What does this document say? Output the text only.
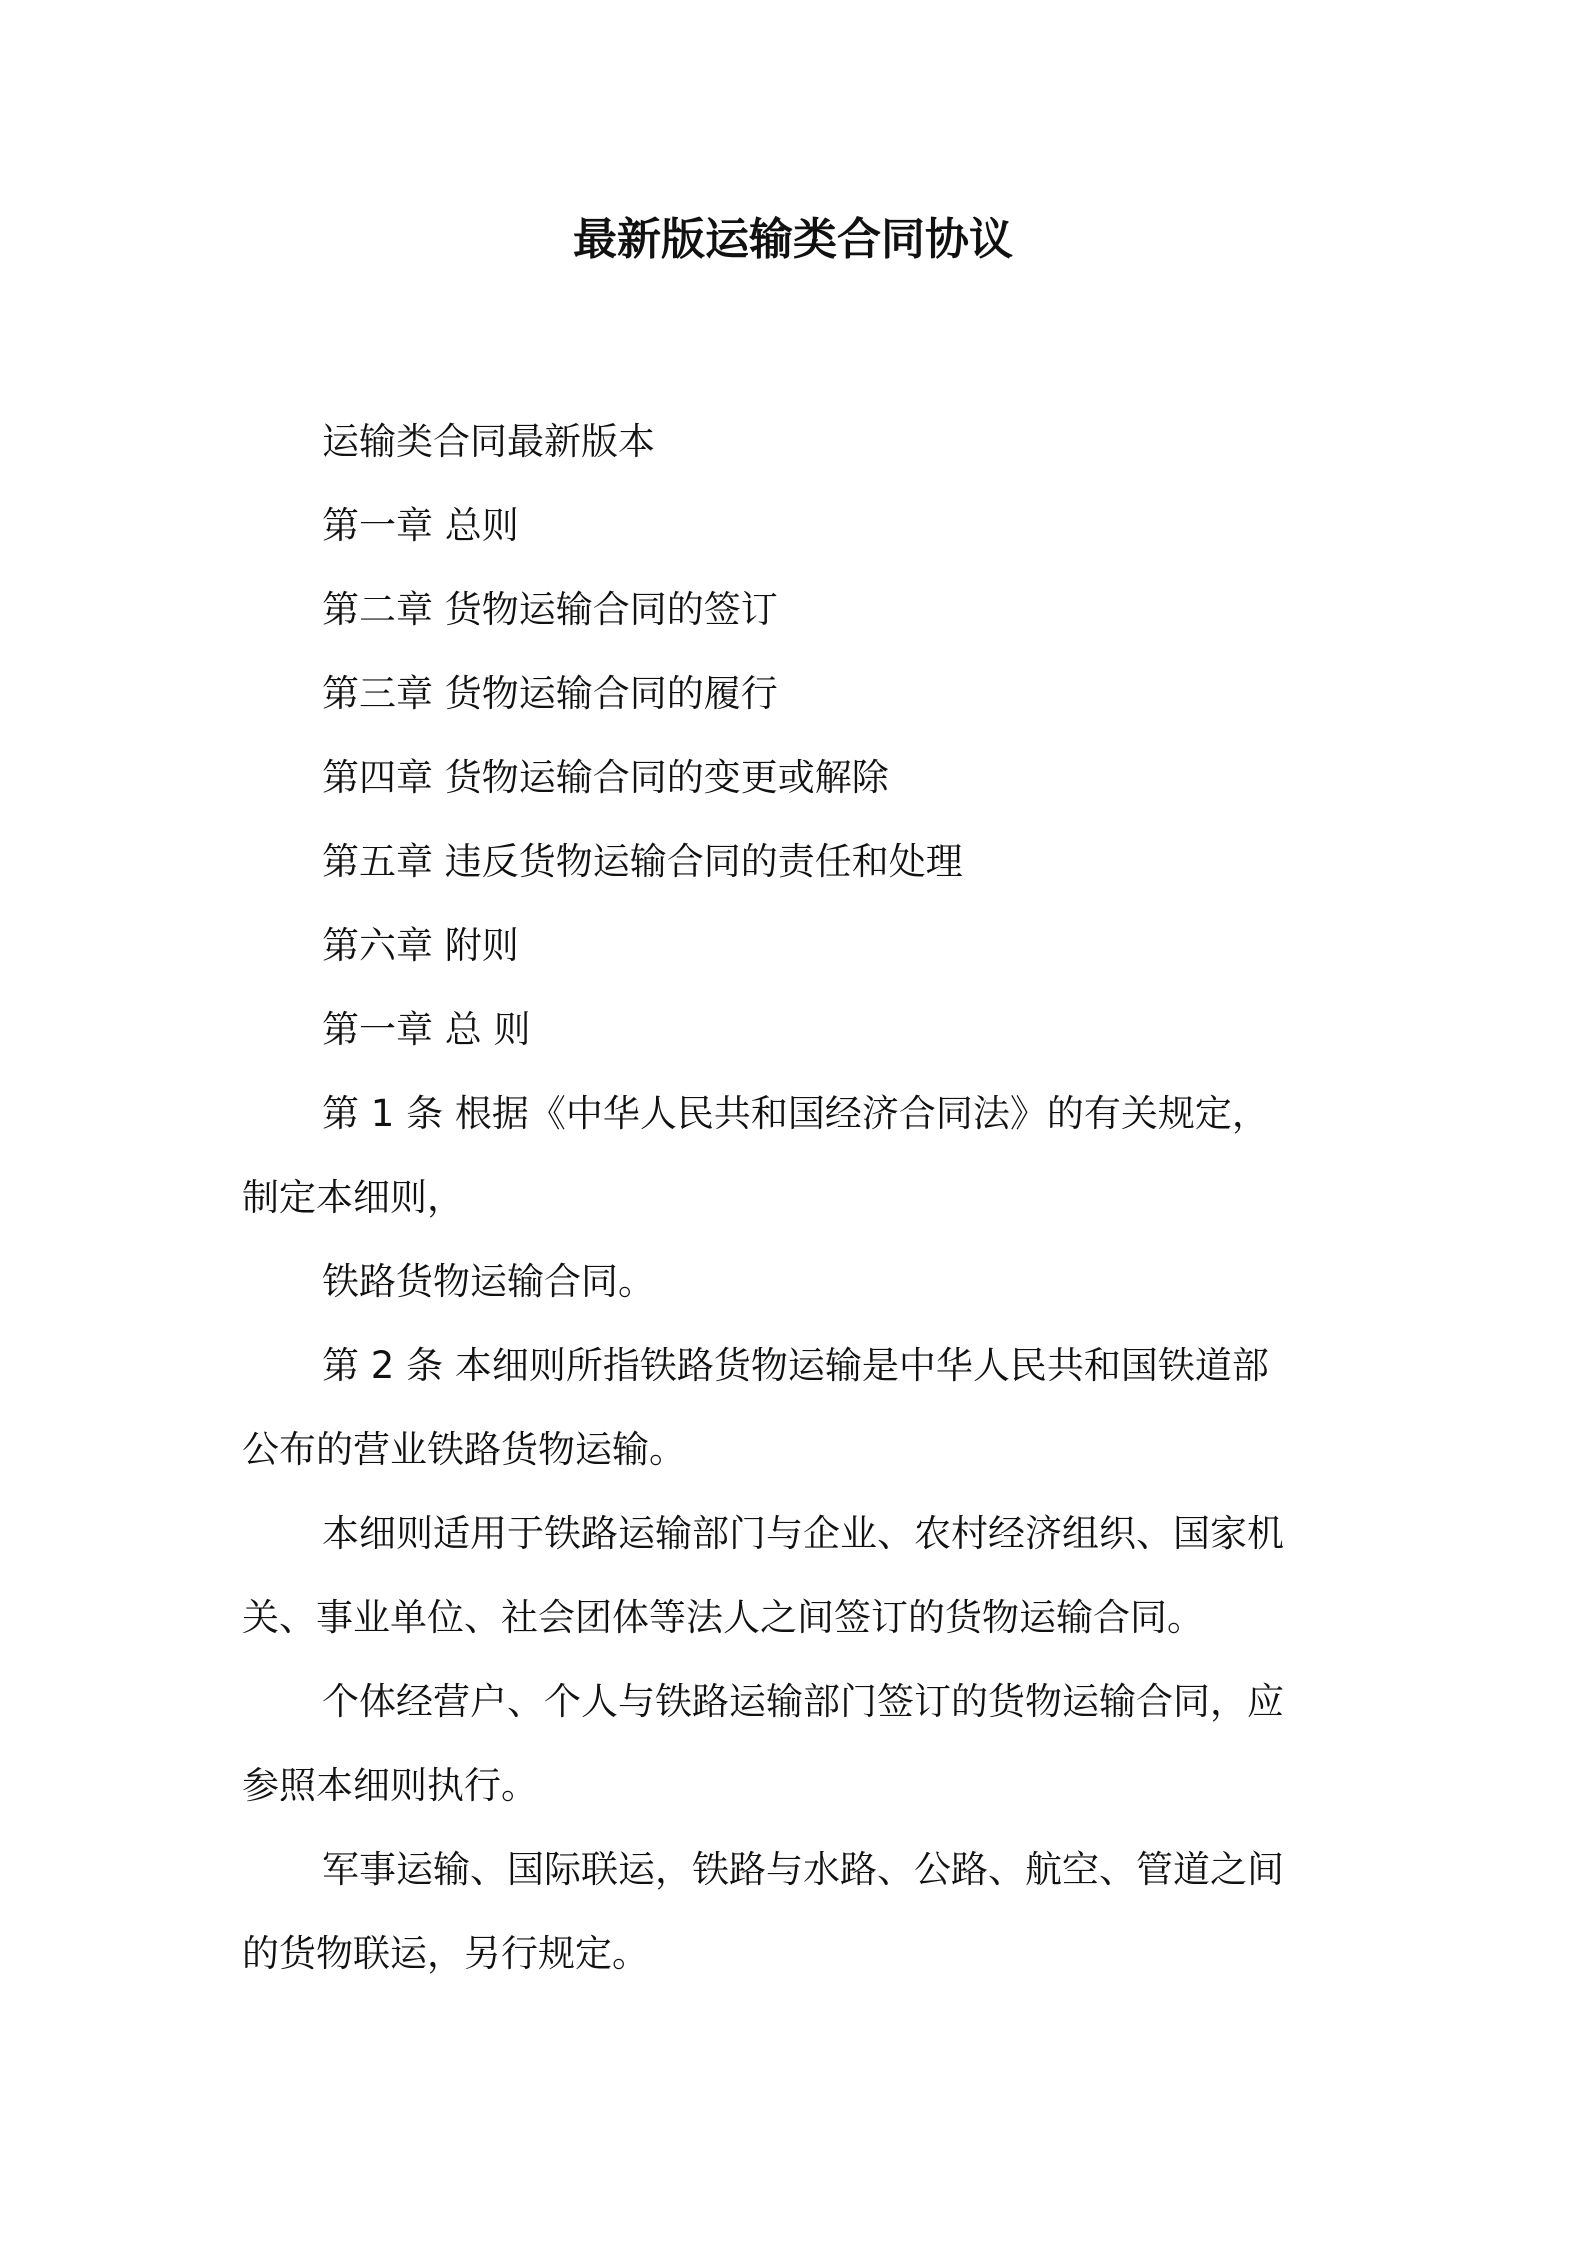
最新版运输类合同协议
运输类合同最新版本
第一章 总则
第二章 货物运输合同的签订
第三章 货物运输合同的履行
第四章 货物运输合同的变更或解除
第五章 违反货物运输合同的责任和处理
第六章 附则
第一章 总 则
第 1 条 根据《中华人民共和国经济合同法》的有关规定，
制定本细则，
铁路货物运输合同。
第 2 条 本细则所指铁路货物运输是中华人民共和国铁道部
公布的营业铁路货物运输。
本细则适用于铁路运输部门与企业、农村经济组织、国家机
关、事业单位、社会团体等法人之间签订的货物运输合同。
个体经营户、个人与铁路运输部门签订的货物运输合同，应
参照本细则执行。
军事运输、国际联运，铁路与水路、公路、航空、管道之间
的货物联运，另行规定。
